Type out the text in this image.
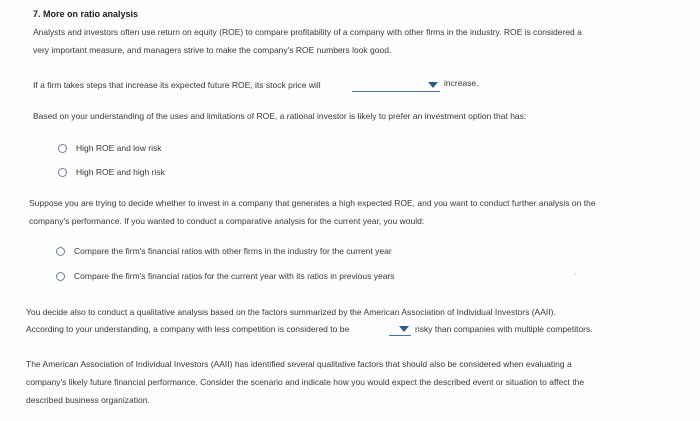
7. More on ratio analysis
Analysts and investors often use return on equity (ROE) to compare profitability of a company with other firms in the industry. ROE is considered a
very important measure, and managers strive to make the company's ROE numbers look good.
If a firm takes steps that increase its expected future ROE, its stock price will	increase.
Based on your understanding of the uses and limitations of ROE, a rational investor is likely to prefer an investment option that has:
High ROE and low risk
High ROE and high risk
Suppose you are trying to decide whether to invest in a company that generates a high expected ROE, and you want to conduct further analysis on the
company's performance. If you wanted to conduct a comparative analysis for the current year, you would:
Compare the firm's financial ratios with other firms in the industry for the current year
Compare the firm's financial ratios for the current year with its ratios in previous years
ˌ
You decide also to conduct a qualitative analysis based on the factors summarized by the American Association of Individual Investors (AAII).
According to your understanding, a company with less competition is considered to be	risky than companies with multiple competitors.
The American Association of Individual Investors (AAII) has identified several qualitative factors that should also be considered when evaluating a
company's likely future financial performance. Consider the scenario and indicate how you would expect the described event or situation to affect the
described business organization.
